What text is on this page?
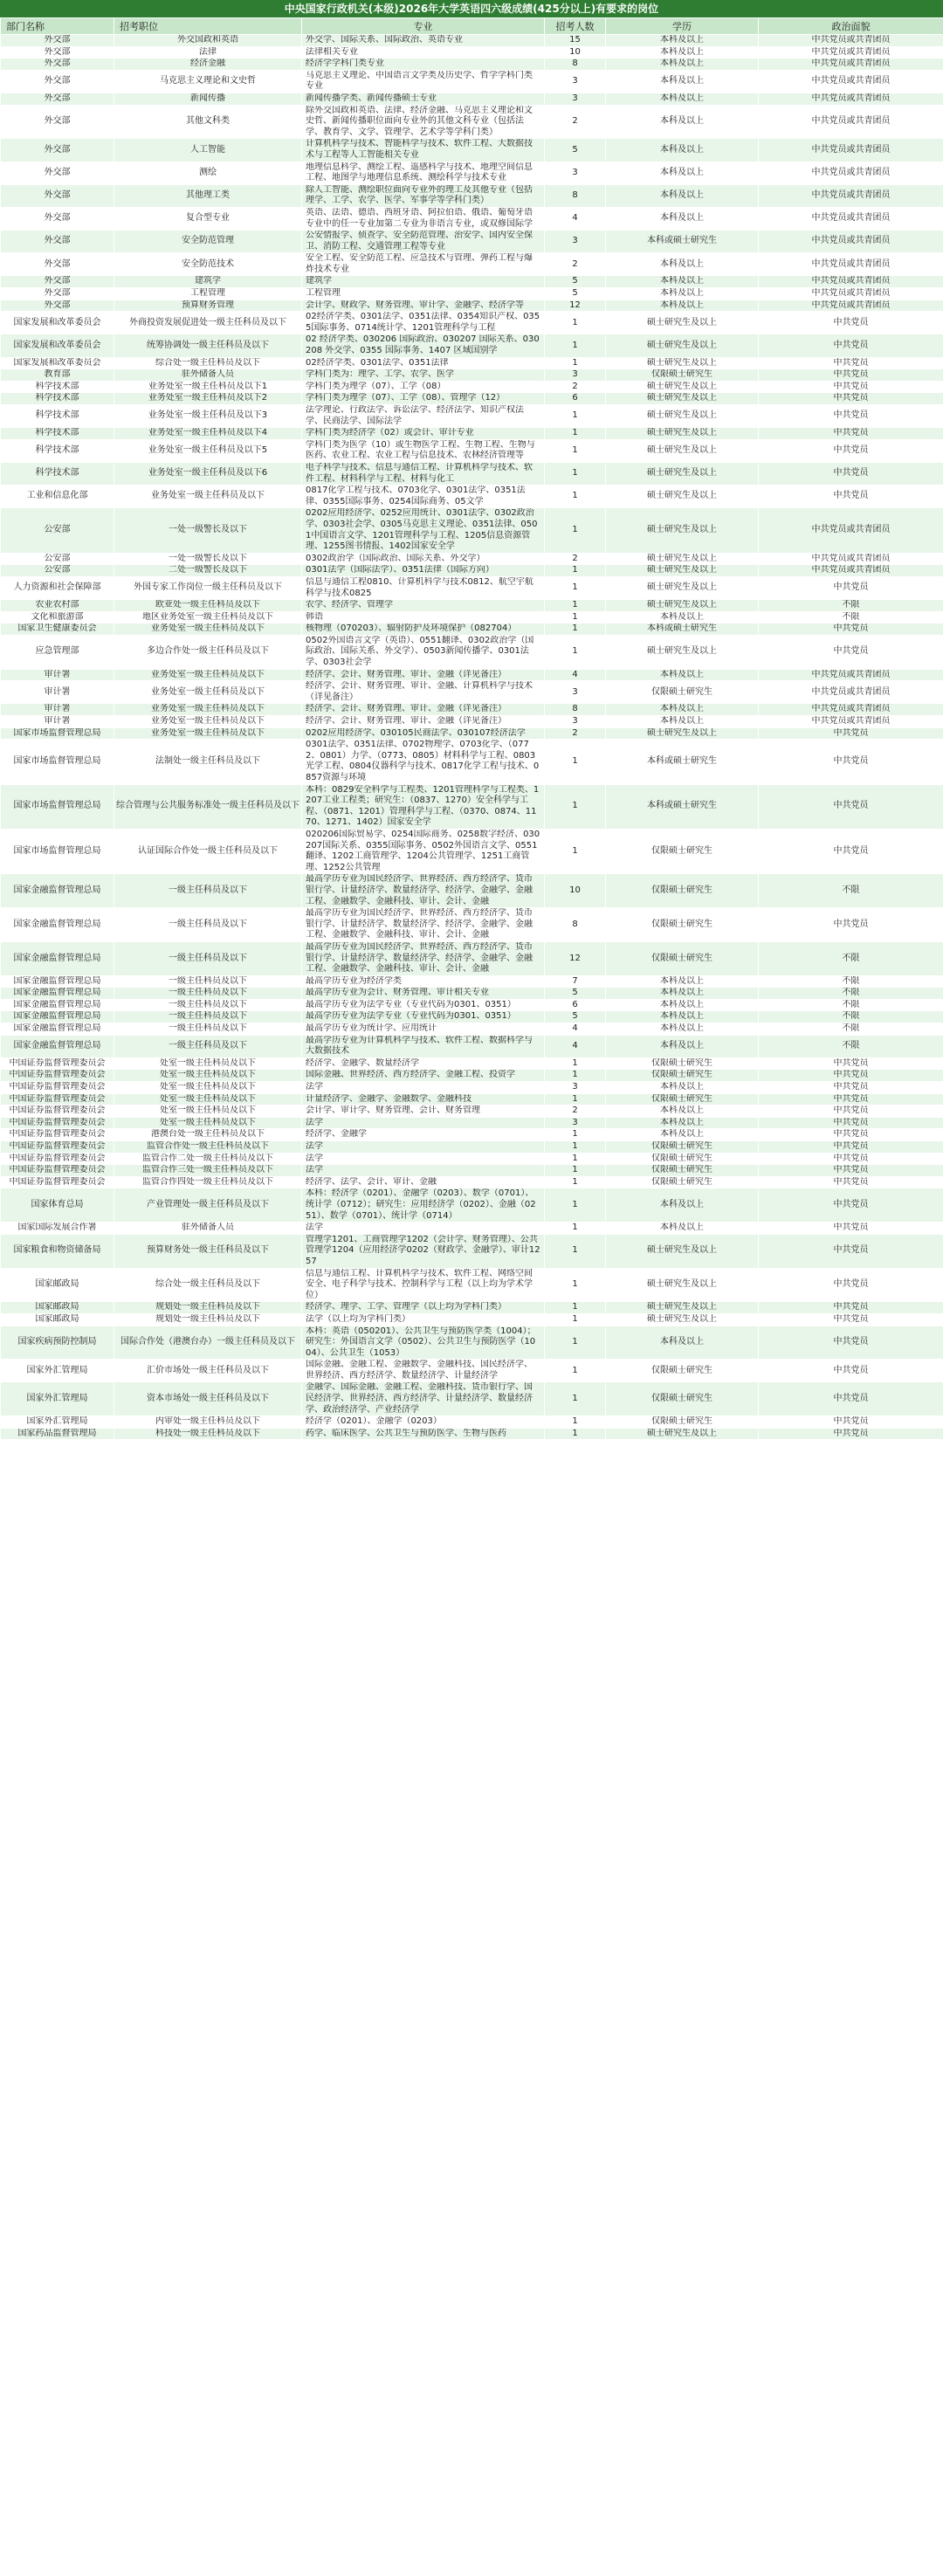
中央国家行政机关(本级)2026年大学英语四六级成绩(425分以上)有要求的岗位
部门名称	招考职位	专业	招考人数	学历	政治面貌
外交部	外交国政和英语	外交学、国际关系、国际政治、英语专业	15	本科及以上	中共党员或共青团员
外交部	法律	法律相关专业	10	本科及以上	中共党员或共青团员
外交部	经济金融	经济学学科门类专业	8	本科及以上	中共党员或共青团员
外交部	马克思主义理论和文史哲	马克思主义理论、中国语言文学类及历史学、哲学学科门类专业	3	本科及以上	中共党员或共青团员
外交部	新闻传播	新闻传播学类、新闻传播硕士专业	3	本科及以上	中共党员或共青团员
外交部	其他文科类	除外交国政和英语、法律、经济金融、马克思主义理论和文史哲、新闻传播职位面向专业外的其他文科专业（包括法学、教育学、文学、管理学、艺术学等学科门类）	2	本科及以上	中共党员或共青团员
外交部	人工智能	计算机科学与技术、智能科学与技术、软件工程、大数据技术与工程等人工智能相关专业	5	本科及以上	中共党员或共青团员
外交部	测绘	地理信息科学、测绘工程、遥感科学与技术、地理空间信息工程、地图学与地理信息系统、测绘科学与技术专业	3	本科及以上	中共党员或共青团员
外交部	其他理工类	除人工智能、测绘职位面向专业外的理工及其他专业（包括理学、工学、农学、医学、军事学等学科门类）	8	本科及以上	中共党员或共青团员
外交部	复合型专业	英语、法语、德语、西班牙语、阿拉伯语、俄语、葡萄牙语专业中的任一专业加第二专业为非语言专业，或双修国际学	4	本科及以上	中共党员或共青团员
外交部	安全防范管理	公安情报学、侦查学、安全防范管理、治安学、国内安全保卫、消防工程、交通管理工程等专业	3	本科或硕士研究生	中共党员或共青团员
外交部	安全防范技术	安全工程、安全防范工程、应急技术与管理、弹药工程与爆炸技术专业	2	本科及以上	中共党员或共青团员
外交部	建筑学	建筑学	5	本科及以上	中共党员或共青团员
外交部	工程管理	工程管理	5	本科及以上	中共党员或共青团员
外交部	预算财务管理	会计学、财政学、财务管理、审计学、金融学、经济学等	12	本科及以上	中共党员或共青团员
国家发展和改革委员会	外商投资发展促进处一级主任科员及以下	02经济学类、0301法学、0351法律、0354知识产权、0355国际事务、0714统计学、1201管理科学与工程	1	硕士研究生及以上	中共党员
国家发展和改革委员会	统筹协调处一级主任科员及以下	02 经济学类、030206 国际政治、030207 国际关系、030208 外交学、0355 国际事务、1407 区域国别学	1	硕士研究生及以上	中共党员
国家发展和改革委员会	综合处一级主任科员及以下	02经济学类、0301法学、0351法律	1	硕士研究生及以上	中共党员
教育部	驻外储备人员	学科门类为：理学、工学、农学、医学	3	仅限硕士研究生	中共党员
科学技术部	业务处室一级主任科员及以下1	学科门类为理学（07）、工学（08）	2	硕士研究生及以上	中共党员
科学技术部	业务处室一级主任科员及以下2	学科门类为理学（07）、工学（08）、管理学（12）	6	硕士研究生及以上	中共党员
科学技术部	业务处室一级主任科员及以下3	法学理论、行政法学、诉讼法学、经济法学、知识产权法学、民商法学、国际法学	1	硕士研究生及以上	中共党员
科学技术部	业务处室一级主任科员及以下4	学科门类为经济学（02）或会计、审计专业	1	硕士研究生及以上	中共党员
科学技术部	业务处室一级主任科员及以下5	学科门类为医学（10）或生物医学工程、生物工程、生物与医药、农业工程、农业工程与信息技术、农林经济管理等	1	硕士研究生及以上	中共党员
科学技术部	业务处室一级主任科员及以下6	电子科学与技术、信息与通信工程、计算机科学与技术、软件工程、材料科学与工程、材料与化工	1	硕士研究生及以上	中共党员
工业和信息化部	业务处室一级主任科员及以下	0817化学工程与技术、0703化学、0301法学、0351法律、0355国际事务、0254国际商务、05文学	1	硕士研究生及以上	中共党员
公安部	一处一级警长及以下	0202应用经济学、0252应用统计、0301法学、0302政治学、0303社会学、0305马克思主义理论、0351法律、0501中国语言文学、1201管理科学与工程、1205信息资源管理、1255图书情报、1402国家安全学	1	硕士研究生及以上	中共党员或共青团员
公安部	一处一级警长及以下	0302政治学（国际政治、国际关系、外交学）	2	硕士研究生及以上	中共党员或共青团员
公安部	二处一级警长及以下	0301法学（国际法学）、0351法律（国际方向）	1	硕士研究生及以上	中共党员或共青团员
人力资源和社会保障部	外国专家工作岗位一级主任科员及以下	信息与通信工程0810、计算机科学与技术0812、航空宇航科学与技术0825	1	硕士研究生及以上	中共党员
农业农村部	欧亚处一级主任科员及以下	农学、经济学、管理学	1	硕士研究生及以上	不限
文化和旅游部	地区业务处室一级主任科员及以下	韩语	1	本科及以上	不限
国家卫生健康委员会	业务处室一级主任科员及以下	核物理（070203）、辐射防护及环境保护（082704）	1	本科或硕士研究生	中共党员
应急管理部	多边合作处一级主任科员及以下	0502外国语言文学（英语）、0551翻译、0302政治学（国际政治、国际关系、外交学）、0503新闻传播学、0301法学、0303社会学	1	硕士研究生及以上	中共党员
审计署	业务处室一级主任科员及以下	经济学、会计、财务管理、审计、金融（详见备注）	4	本科及以上	中共党员或共青团员
审计署	业务处室一级主任科员及以下	经济学、会计、财务管理、审计、金融、计算机科学与技术（详见备注）	3	仅限硕士研究生	中共党员或共青团员
审计署	业务处室一级主任科员及以下	经济学、会计、财务管理、审计、金融（详见备注）	8	本科及以上	中共党员或共青团员
审计署	业务处室一级主任科员及以下	经济学、会计、财务管理、审计、金融（详见备注）	3	本科及以上	中共党员或共青团员
国家市场监督管理总局	业务处室一级主任科员及以下	0202应用经济学、030105民商法学、030107经济法学	2	硕士研究生及以上	中共党员
国家市场监督管理总局	法制处一级主任科员及以下	0301法学、0351法律、0702物理学、0703化学、（0772、0801）力学、（0773、0805）材料科学与工程、0803光学工程、0804仪器科学与技术、0817化学工程与技术、0857资源与环境	1	本科或硕士研究生	中共党员
国家市场监督管理总局	综合管理与公共服务标准处一级主任科员及以下	本科：0829安全科学与工程类、1201管理科学与工程类、1207工业工程类；研究生：（0837、1270）安全科学与工程、（0871、1201）管理科学与工程、（0370、0874、1170、1271、1402）国家安全学	1	本科或硕士研究生	中共党员
国家市场监督管理总局	认证国际合作处一级主任科员及以下	020206国际贸易学、0254国际商务、0258数字经济、030207国际关系、0355国际事务、0502外国语言文学、0551翻译、1202工商管理学、1204公共管理学、1251工商管理、1252公共管理	1	仅限硕士研究生	中共党员
国家金融监督管理总局	一级主任科员及以下	最高学历专业为国民经济学、世界经济、西方经济学、货币银行学、计量经济学、数量经济学、经济学、金融学、金融工程、金融数学、金融科技、审计、会计、金融	10	仅限硕士研究生	不限
国家金融监督管理总局	一级主任科员及以下	最高学历专业为国民经济学、世界经济、西方经济学、货币银行学、计量经济学、数量经济学、经济学、金融学、金融工程、金融数学、金融科技、审计、会计、金融	8	仅限硕士研究生	中共党员
国家金融监督管理总局	一级主任科员及以下	最高学历专业为国民经济学、世界经济、西方经济学、货币银行学、计量经济学、数量经济学、经济学、金融学、金融工程、金融数学、金融科技、审计、会计、金融	12	仅限硕士研究生	不限
国家金融监督管理总局	一级主任科员及以下	最高学历专业为经济学类	7	本科及以上	不限
国家金融监督管理总局	一级主任科员及以下	最高学历专业为会计、财务管理、审计相关专业	5	本科及以上	不限
国家金融监督管理总局	一级主任科员及以下	最高学历专业为法学专业（专业代码为0301、0351）	6	本科及以上	不限
国家金融监督管理总局	一级主任科员及以下	最高学历专业为法学专业（专业代码为0301、0351）	5	本科及以上	不限
国家金融监督管理总局	一级主任科员及以下	最高学历专业为统计学、应用统计	4	本科及以上	不限
国家金融监督管理总局	一级主任科员及以下	最高学历专业为计算机科学与技术、软件工程、数据科学与大数据技术	4	本科及以上	不限
中国证券监督管理委员会	处室一级主任科员及以下	经济学、金融学、数量经济学	1	仅限硕士研究生	中共党员
中国证券监督管理委员会	处室一级主任科员及以下	国际金融、世界经济、西方经济学、金融工程、投资学	1	仅限硕士研究生	中共党员
中国证券监督管理委员会	处室一级主任科员及以下	法学	3	本科及以上	中共党员
中国证券监督管理委员会	处室一级主任科员及以下	计量经济学、金融学、金融数学、金融科技	1	仅限硕士研究生	中共党员
中国证券监督管理委员会	处室一级主任科员及以下	会计学、审计学、财务管理、会计、财务管理	2	本科及以上	中共党员
中国证券监督管理委员会	处室一级主任科员及以下	法学	3	本科及以上	中共党员
中国证券监督管理委员会	港澳台处一级主任科员及以下	经济学、金融学	1	本科及以上	中共党员
中国证券监督管理委员会	监管合作处一级主任科员及以下	法学	1	仅限硕士研究生	中共党员
中国证券监督管理委员会	监管合作二处一级主任科员及以下	法学	1	仅限硕士研究生	中共党员
中国证券监督管理委员会	监管合作三处一级主任科员及以下	法学	1	仅限硕士研究生	中共党员
中国证券监督管理委员会	监管合作四处一级主任科员及以下	经济学、法学、会计、审计、金融	1	仅限硕士研究生	中共党员
国家体育总局	产业管理处一级主任科员及以下	本科：经济学（0201）、金融学（0203）、数学（0701）、统计学（0712）；研究生：应用经济学（0202）、金融（0251）、数学（0701）、统计学（0714）	1	本科及以上	中共党员
国家国际发展合作署	驻外储备人员	法学	1	本科及以上	中共党员
国家粮食和物资储备局	预算财务处一级主任科员及以下	管理学1201、工商管理学1202（会计学、财务管理）、公共管理学1204（应用经济学0202（财政学、金融学）、审计1257	1	硕士研究生及以上	中共党员
国家邮政局	综合处一级主任科员及以下	信息与通信工程、计算机科学与技术、软件工程、网络空间安全、电子科学与技术、控制科学与工程（以上均为学术学位）	1	硕士研究生及以上	中共党员
国家邮政局	规划处一级主任科员及以下	经济学、理学、工学、管理学（以上均为学科门类）	1	硕士研究生及以上	中共党员
国家邮政局	规划处一级主任科员及以下	法学（以上均为学科门类）	1	硕士研究生及以上	中共党员
国家疾病预防控制局	国际合作处（港澳台办）一级主任科员及以下	本科：英语（050201）、公共卫生与预防医学类（1004）；研究生：外国语言文学（0502）、公共卫生与预防医学（1004）、公共卫生（1053）	1	本科及以上	中共党员
国家外汇管理局	汇价市场处一级主任科员及以下	国际金融、金融工程、金融数学、金融科技、国民经济学、世界经济、西方经济学、数量经济学、计量经济学	1	仅限硕士研究生	中共党员
国家外汇管理局	资本市场处一级主任科员及以下	金融学、国际金融、金融工程、金融科技、货币银行学、国民经济学、世界经济、西方经济学、计量经济学、数量经济学、政治经济学、产业经济学	1	仅限硕士研究生	中共党员
国家外汇管理局	内审处一级主任科员及以下	经济学（0201）、金融学（0203）	1	仅限硕士研究生	中共党员
国家药品监督管理局	科技处一级主任科员及以下	药学、临床医学、公共卫生与预防医学、生物与医药	1	硕士研究生及以上	中共党员
